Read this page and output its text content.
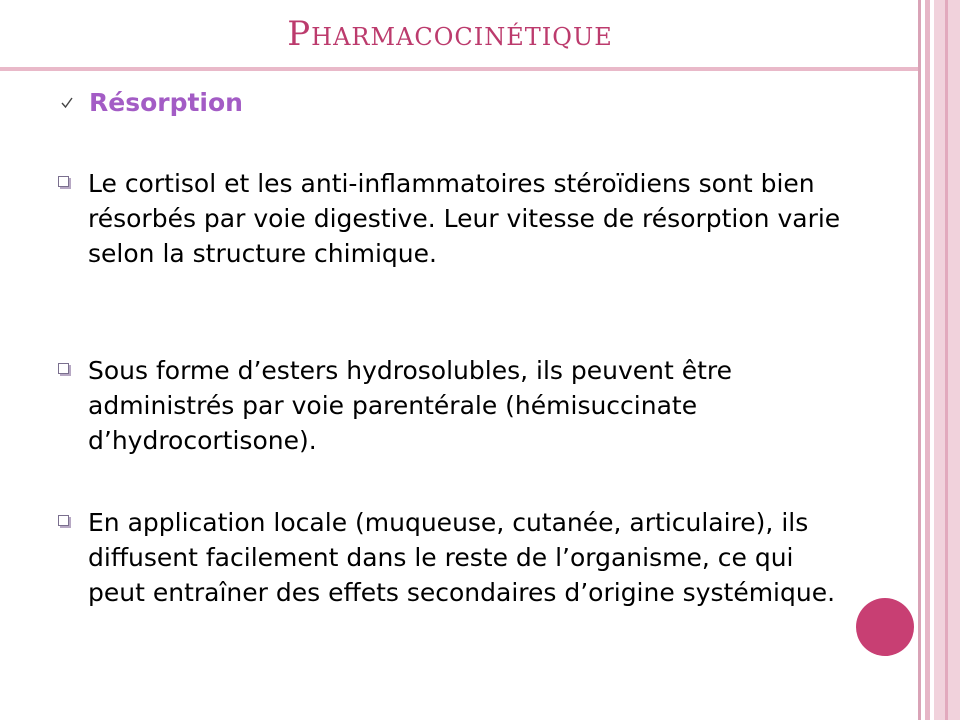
Pharmacocinétique
Résorption
Le cortisol et les anti-inflammatoires stéroïdiens sont bien résorbés par voie digestive. Leur vitesse de résorption varie selon la structure chimique.
Sous forme d’esters hydrosolubles, ils peuvent être administrés par voie parentérale (hémisuccinate d’hydrocortisone).
En application locale (muqueuse, cutanée, articulaire), ils diffusent facilement dans le reste de l’organisme, ce qui peut entraîner des effets secondaires d’origine systémique.
